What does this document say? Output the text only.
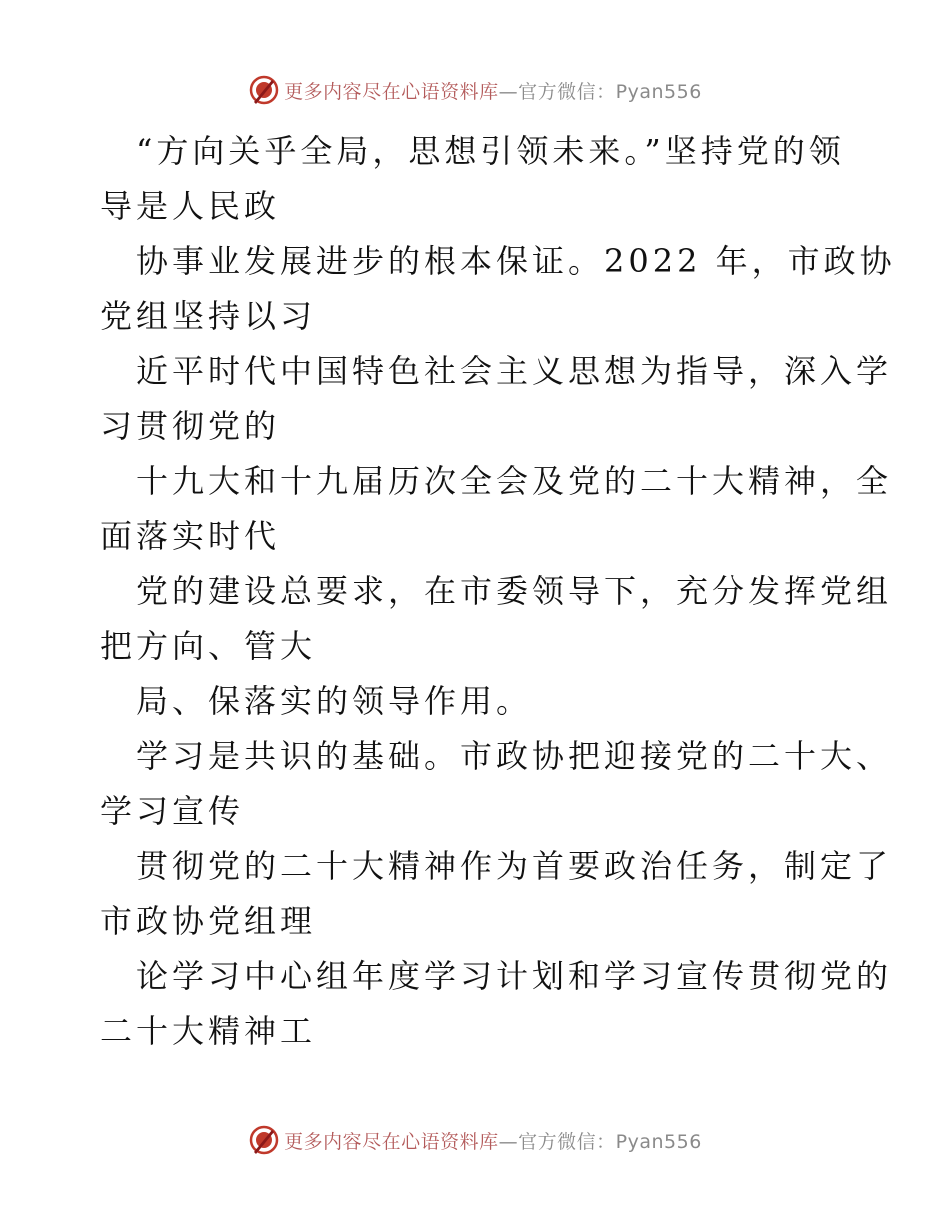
更多内容尽在心语资料库—官方微信：Pyan556
“方向关乎全局，思想引领未来。”坚持党的领
导是人民政
协事业发展进步的根本保证。2022 年，市政协
党组坚持以习
近平时代中国特色社会主义思想为指导，深入学
习贯彻党的
十九大和十九届历次全会及党的二十大精神，全
面落实时代
党的建设总要求，在市委领导下，充分发挥党组
把方向、管大
局、保落实的领导作用。
学习是共识的基础。市政协把迎接党的二十大、
学习宣传
贯彻党的二十大精神作为首要政治任务，制定了
市政协党组理
论学习中心组年度学习计划和学习宣传贯彻党的
二十大精神工
更多内容尽在心语资料库—官方微信：Pyan556
